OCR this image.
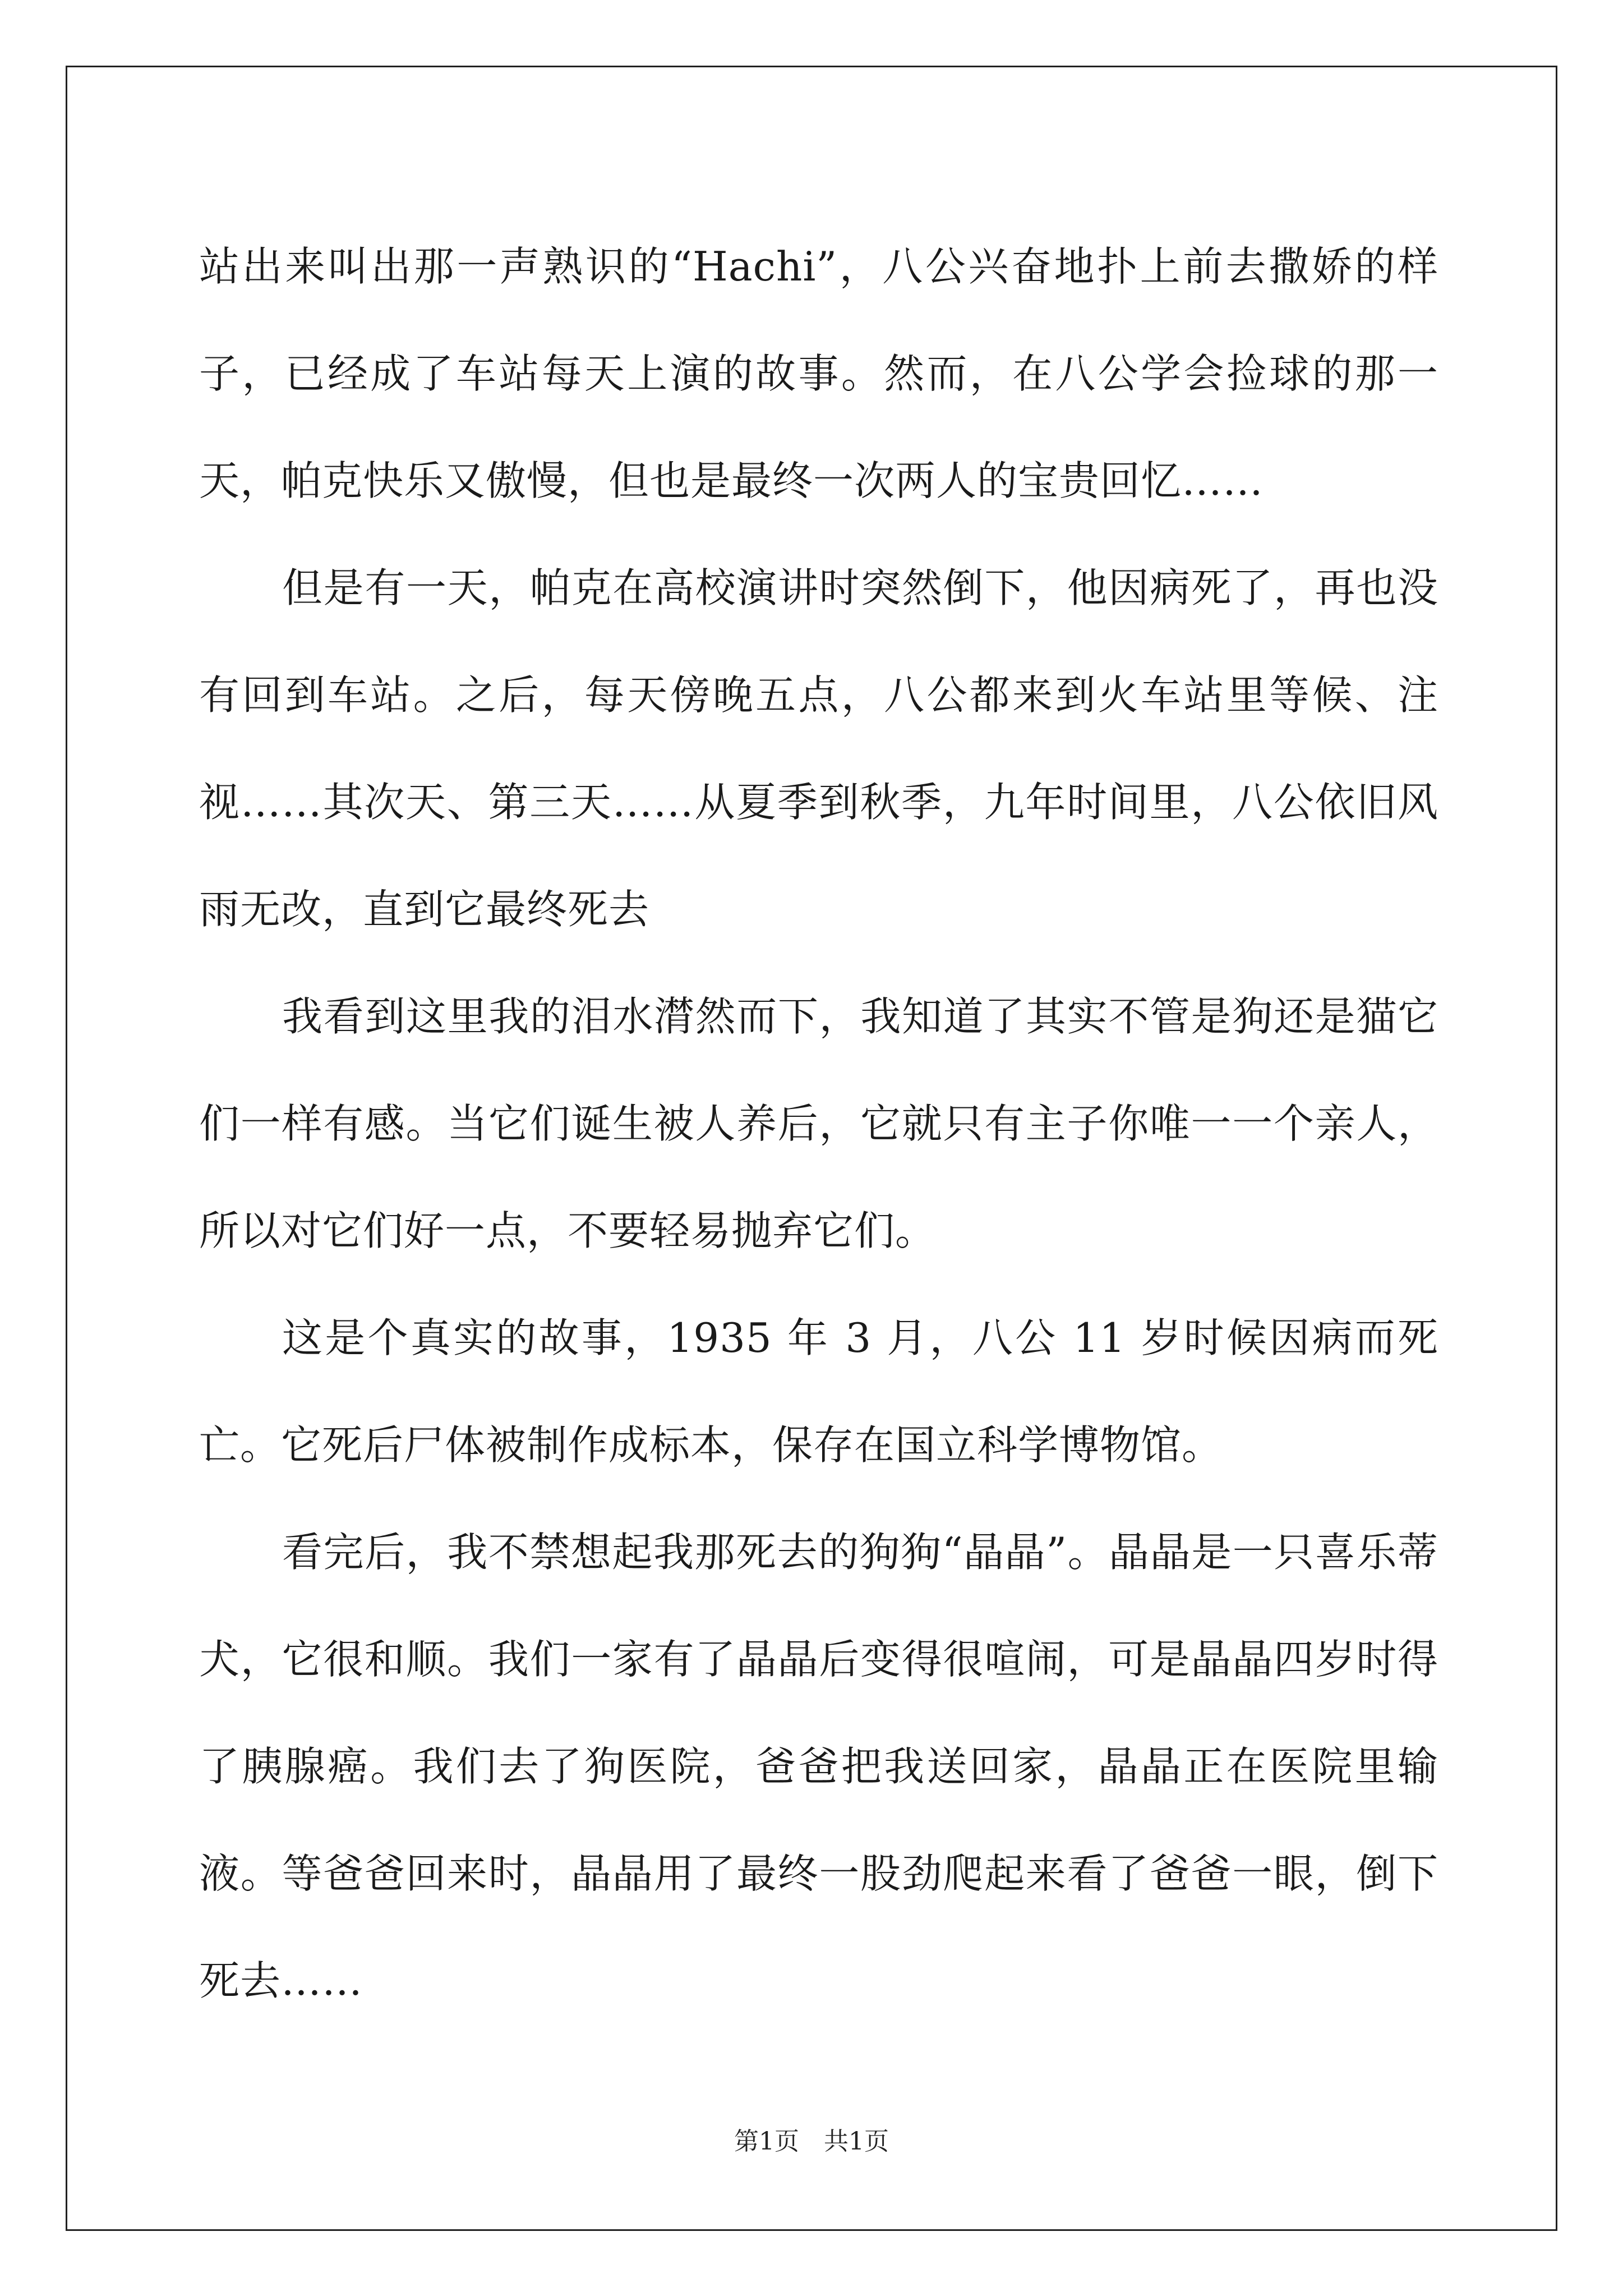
站出来叫出那一声熟识的“Hachi”，八公兴奋地扑上前去撒娇的样子，已经成了车站每天上演的故事。然而，在八公学会捡球的那一天，帕克快乐又傲慢，但也是最终一次两人的宝贵回忆……

但是有一天，帕克在高校演讲时突然倒下，他因病死了，再也没有回到车站。之后，每天傍晚五点，八公都来到火车站里等候、注视……其次天、第三天……从夏季到秋季，九年时间里，八公依旧风雨无改，直到它最终死去

我看到这里我的泪水潸然而下，我知道了其实不管是狗还是猫它们一样有感。当它们诞生被人养后，它就只有主子你唯一一个亲人，所以对它们好一点，不要轻易抛弃它们。

这是个真实的故事，1935 年 3 月，八公 11 岁时候因病而死亡。它死后尸体被制作成标本，保存在国立科学博物馆。

看完后，我不禁想起我那死去的狗狗“晶晶”。晶晶是一只喜乐蒂犬，它很和顺。我们一家有了晶晶后变得很喧闹，可是晶晶四岁时得了胰腺癌。我们去了狗医院，爸爸把我送回家，晶晶正在医院里输液。等爸爸回来时，晶晶用了最终一股劲爬起来看了爸爸一眼，倒下死去……

第1页　共1页
